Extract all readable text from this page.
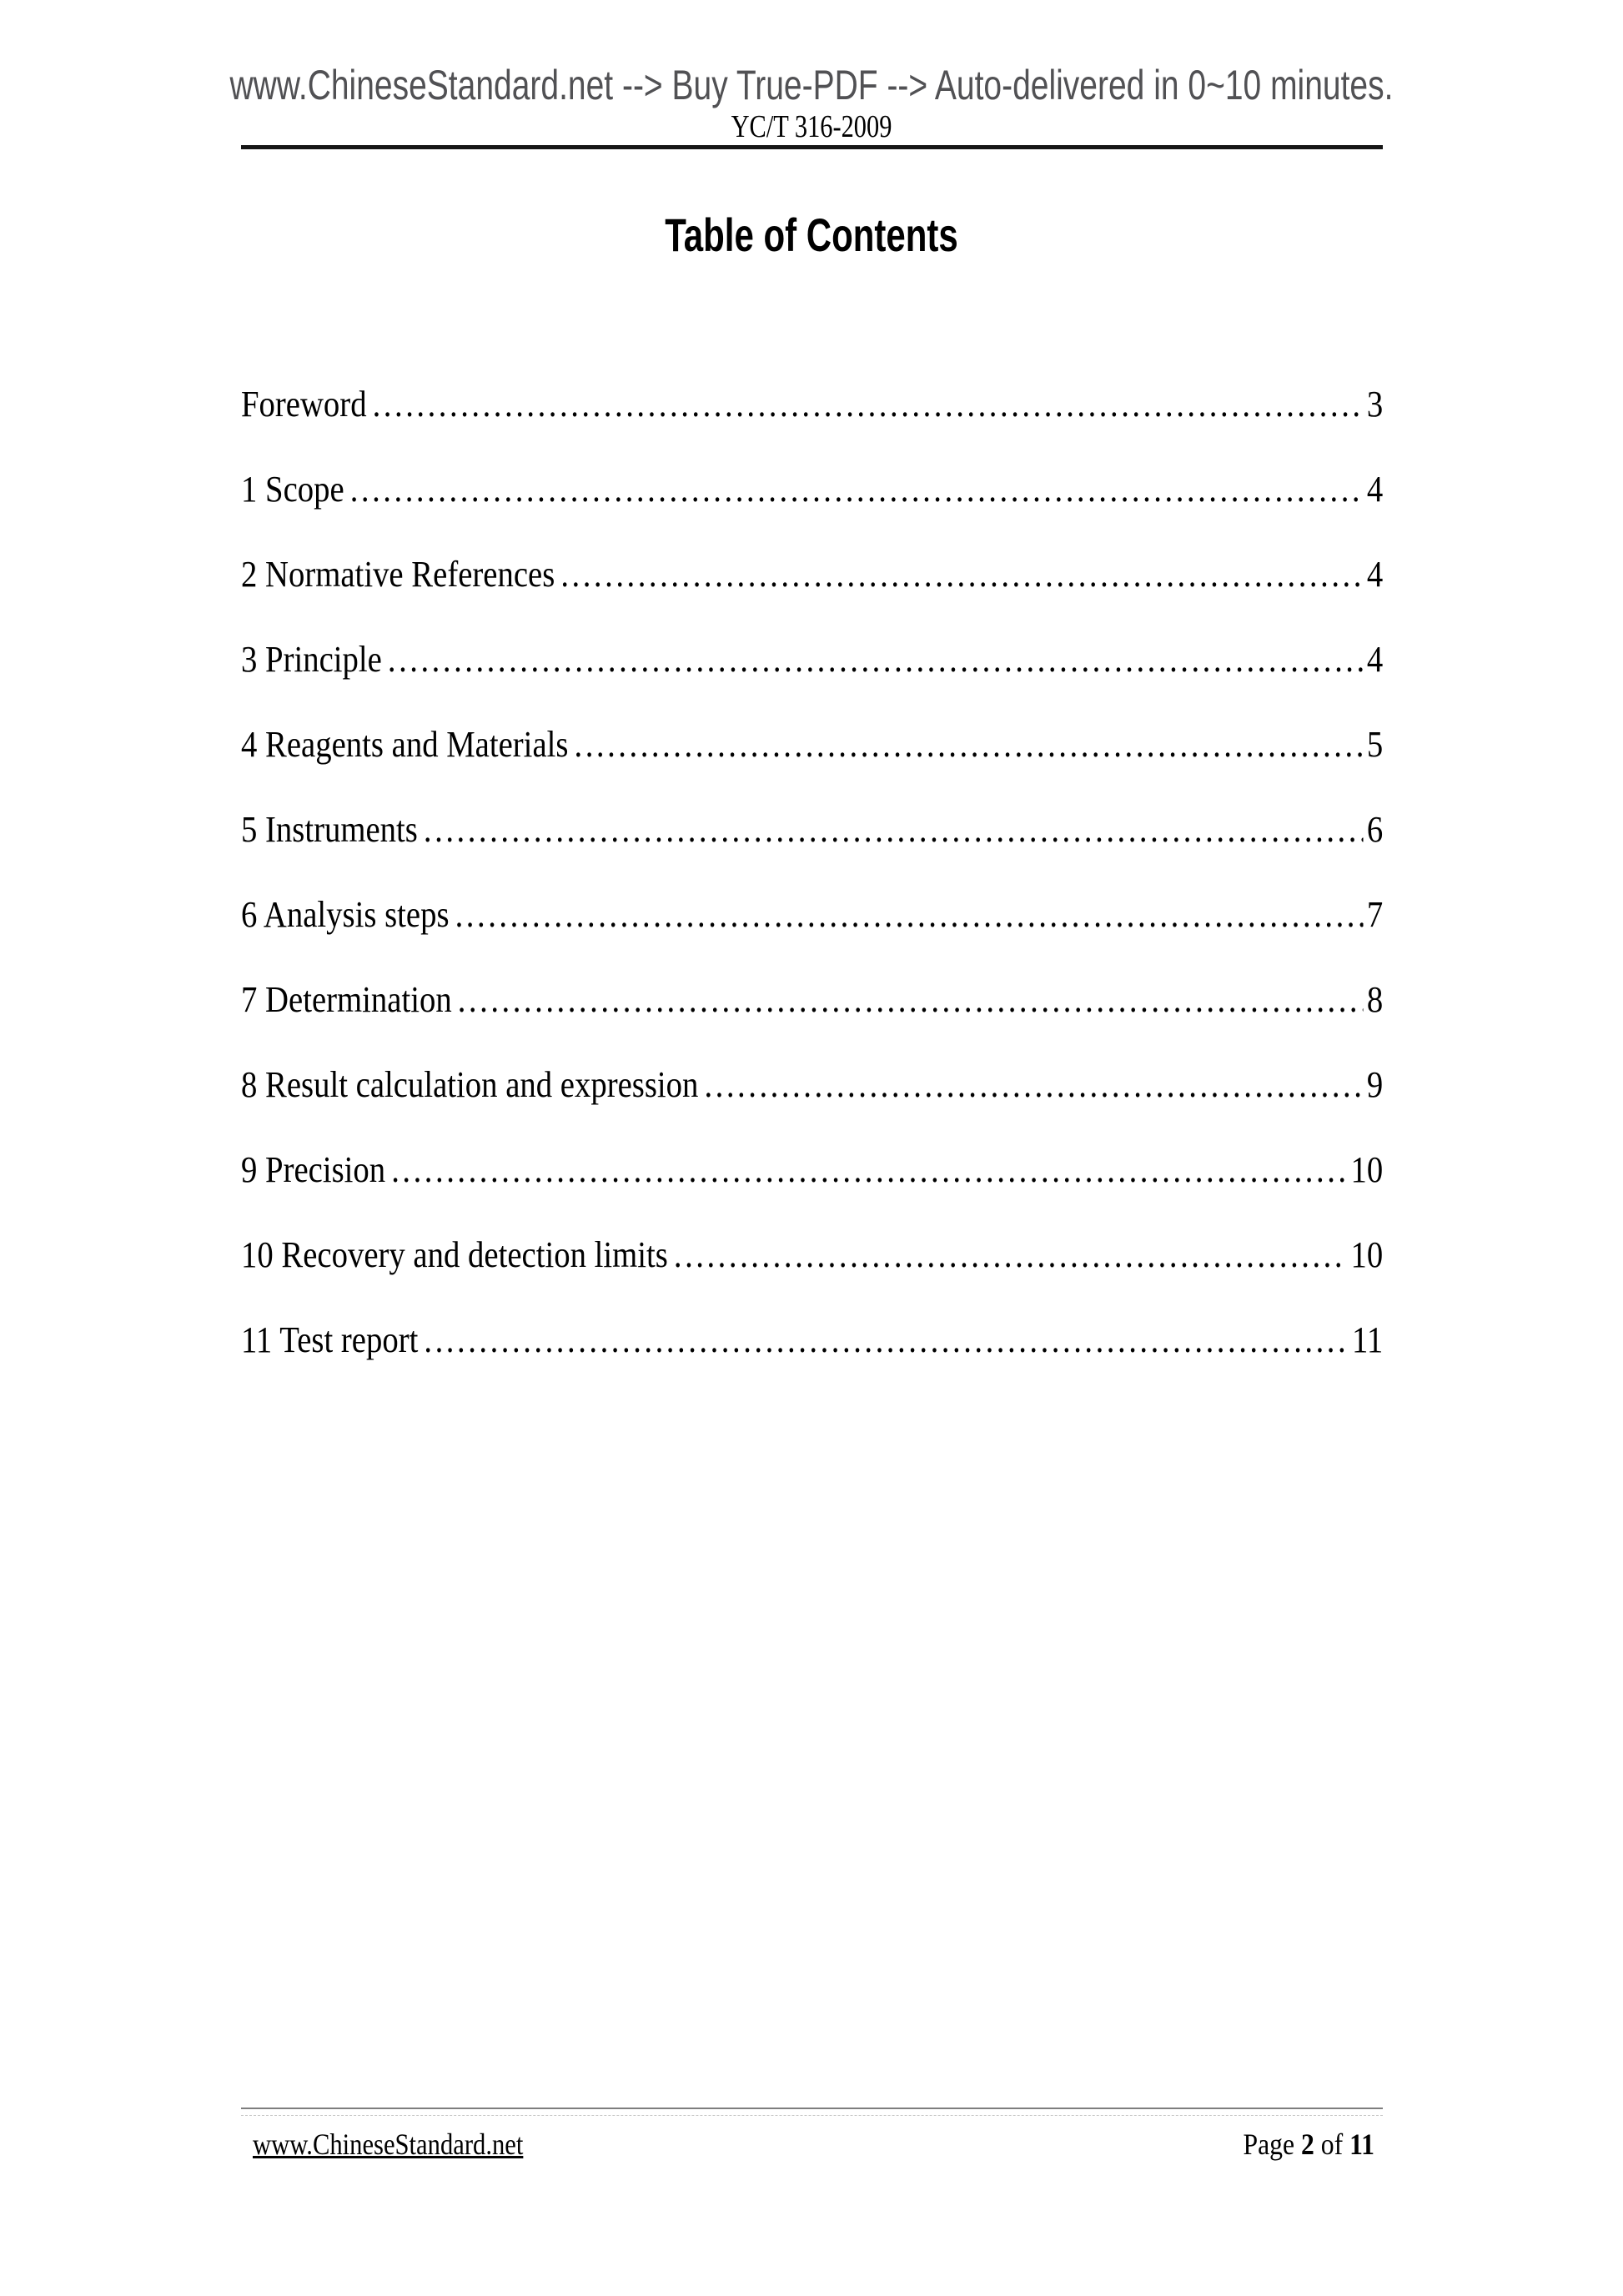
www.ChineseStandard.net --> Buy True-PDF --> Auto-delivered in 0~10 minutes.
YC/T 316-2009
Table of Contents
Foreword .....	3
1 Scope .....	4
2 Normative References .....	4
3 Principle .....	4
4 Reagents and Materials .....	5
5 Instruments .....	6
6 Analysis steps .....	7
7 Determination .....	8
8 Result calculation and expression .....	9
9 Precision .....	10
10 Recovery and detection limits .....	10
11 Test report .....	11
www.ChineseStandard.net	Page 2 of 11
